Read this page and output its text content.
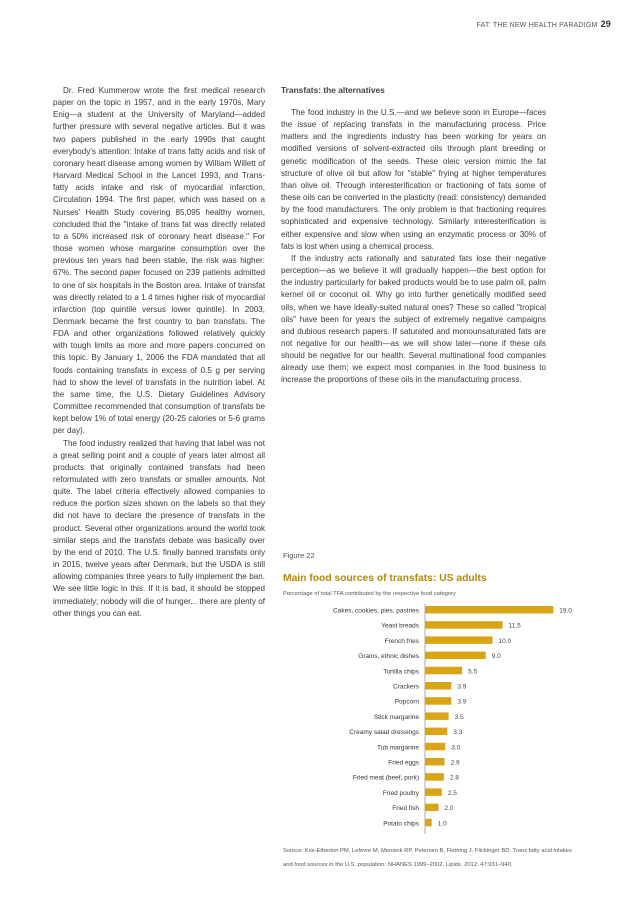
FAT: THE NEW HEALTH PARADIGM 29

Dr. Fred Kummerow wrote the first medical research paper on the topic in 1957, and in the early 1970s, Mary Enig—a student at the University of Maryland—added further pressure with several negative articles. But it was two papers published in the early 1990s that caught everybody's attention: Intake of trans fatty acids and risk of coronary heart disease among women by William Willett of Harvard Medical School in the Lancet 1993, and Trans-fatty acids intake and risk of myocardial infarction, Circulation 1994. The first paper, which was based on a Nurses' Health Study covering 85,095 healthy women, concluded that the "intake of trans fat was directly related to a 50% increased risk of coronary heart disease." For those women whose margarine consumption over the previous ten years had been stable, the risk was higher: 67%. The second paper focused on 239 patients admitted to one of six hospitals in the Boston area. Intake of transfat was directly related to a 1.4 times higher risk of myocardial infarction (top quintile versus lower quintile). In 2003, Denmark became the first country to ban transfats. The FDA and other organizations followed relatively quickly with tough limits as more and more papers concurred on this topic. By January 1, 2006 the FDA mandated that all foods containing transfats in excess of 0.5 g per serving had to show the level of transfats in the nutrition label. At the same time, the U.S. Dietary Guidelines Advisory Committee recommended that consumption of transfats be kept below 1% of total energy (20-25 calories or 5-6 grams per day).

The food industry realized that having that label was not a great selling point and a couple of years later almost all products that originally contained transfats had been reformulated with zero transfats or smaller amounts. Not quite. The label criteria effectively allowed companies to reduce the portion sizes shown on the labels so that they did not have to declare the presence of transfats in the product. Several other organizations around the world took similar steps and the transfats debate was basically over by the end of 2010. The U.S. finally banned transfats only in 2015, twelve years after Denmark, but the USDA is still allowing companies three years to fully implement the ban. We see little logic in this. If it is bad, it should be stopped immediately; nobody will die of hunger... there are plenty of other things you can eat.

Transfats: the alternatives

The food industry in the U.S.—and we believe soon in Europe—faces the issue of replacing transfats in the manufacturing process. Price matters and the ingredients industry has been working for years on modified versions of solvent-extracted oils through plant breeding or genetic modification of the seeds. These oleic version mimic the fat structure of olive oil but allow for "stable" frying at higher temperatures than olive oil. Through interesterification or fractioning of fats some of these oils can be converted in the plasticity (read: consistency) demanded by the food manufacturers. The only problem is that fractioning requires sophisticated and expensive technology. Similarly interesterification is either expensive and slow when using an enzymatic process or 30% of fats is lost when using a chemical process.

If the industry acts rationally and saturated fats lose their negative perception—as we believe it will gradually happen—the best option for the industry particularly for baked products would be to use palm oil, palm kernel oil or coconut oil. Why go into further genetically modified seed oils, when we have ideally-suited natural ones? These so called "tropical oils" have been for years the subject of extremely negative campaigns and dubious research papers. If saturated and monounsaturated fats are not negative for our health—as we will show later—none if these oils should be negative for our health. Several multinational food companies already use them; we expect most companies in the food business to increase the proportions of these oils in the manufacturing process.

Figure 22
Main food sources of transfats: US adults
Percentage of total TFA contributed by the respective food category
Cakes, cookies, pies, pastries	19.0
Yeast breads	11.5
French fries	10.0
Grains, ethnic dishes	9.0
Tortilla chips	5.5
Crackers	3.9
Popcorn	3.9
Stick margarine	3.5
Creamy salad dressings	3.3
Tub margarine	3.0
Fried eggs	2.9
Fried meat (beef, pork)	2.8
Fried poultry	2.5
Fried fish	2.0
Potato chips	1.0
Source: Kris-Etherton PM, Lefevre M, Mensink RP, Petersen B, Fleming J, Flickinger BD. Trans fatty acid intakes and food sources in the U.S. population: NHANES 1999–2002. Lipids. 2012; 47:931–940.
